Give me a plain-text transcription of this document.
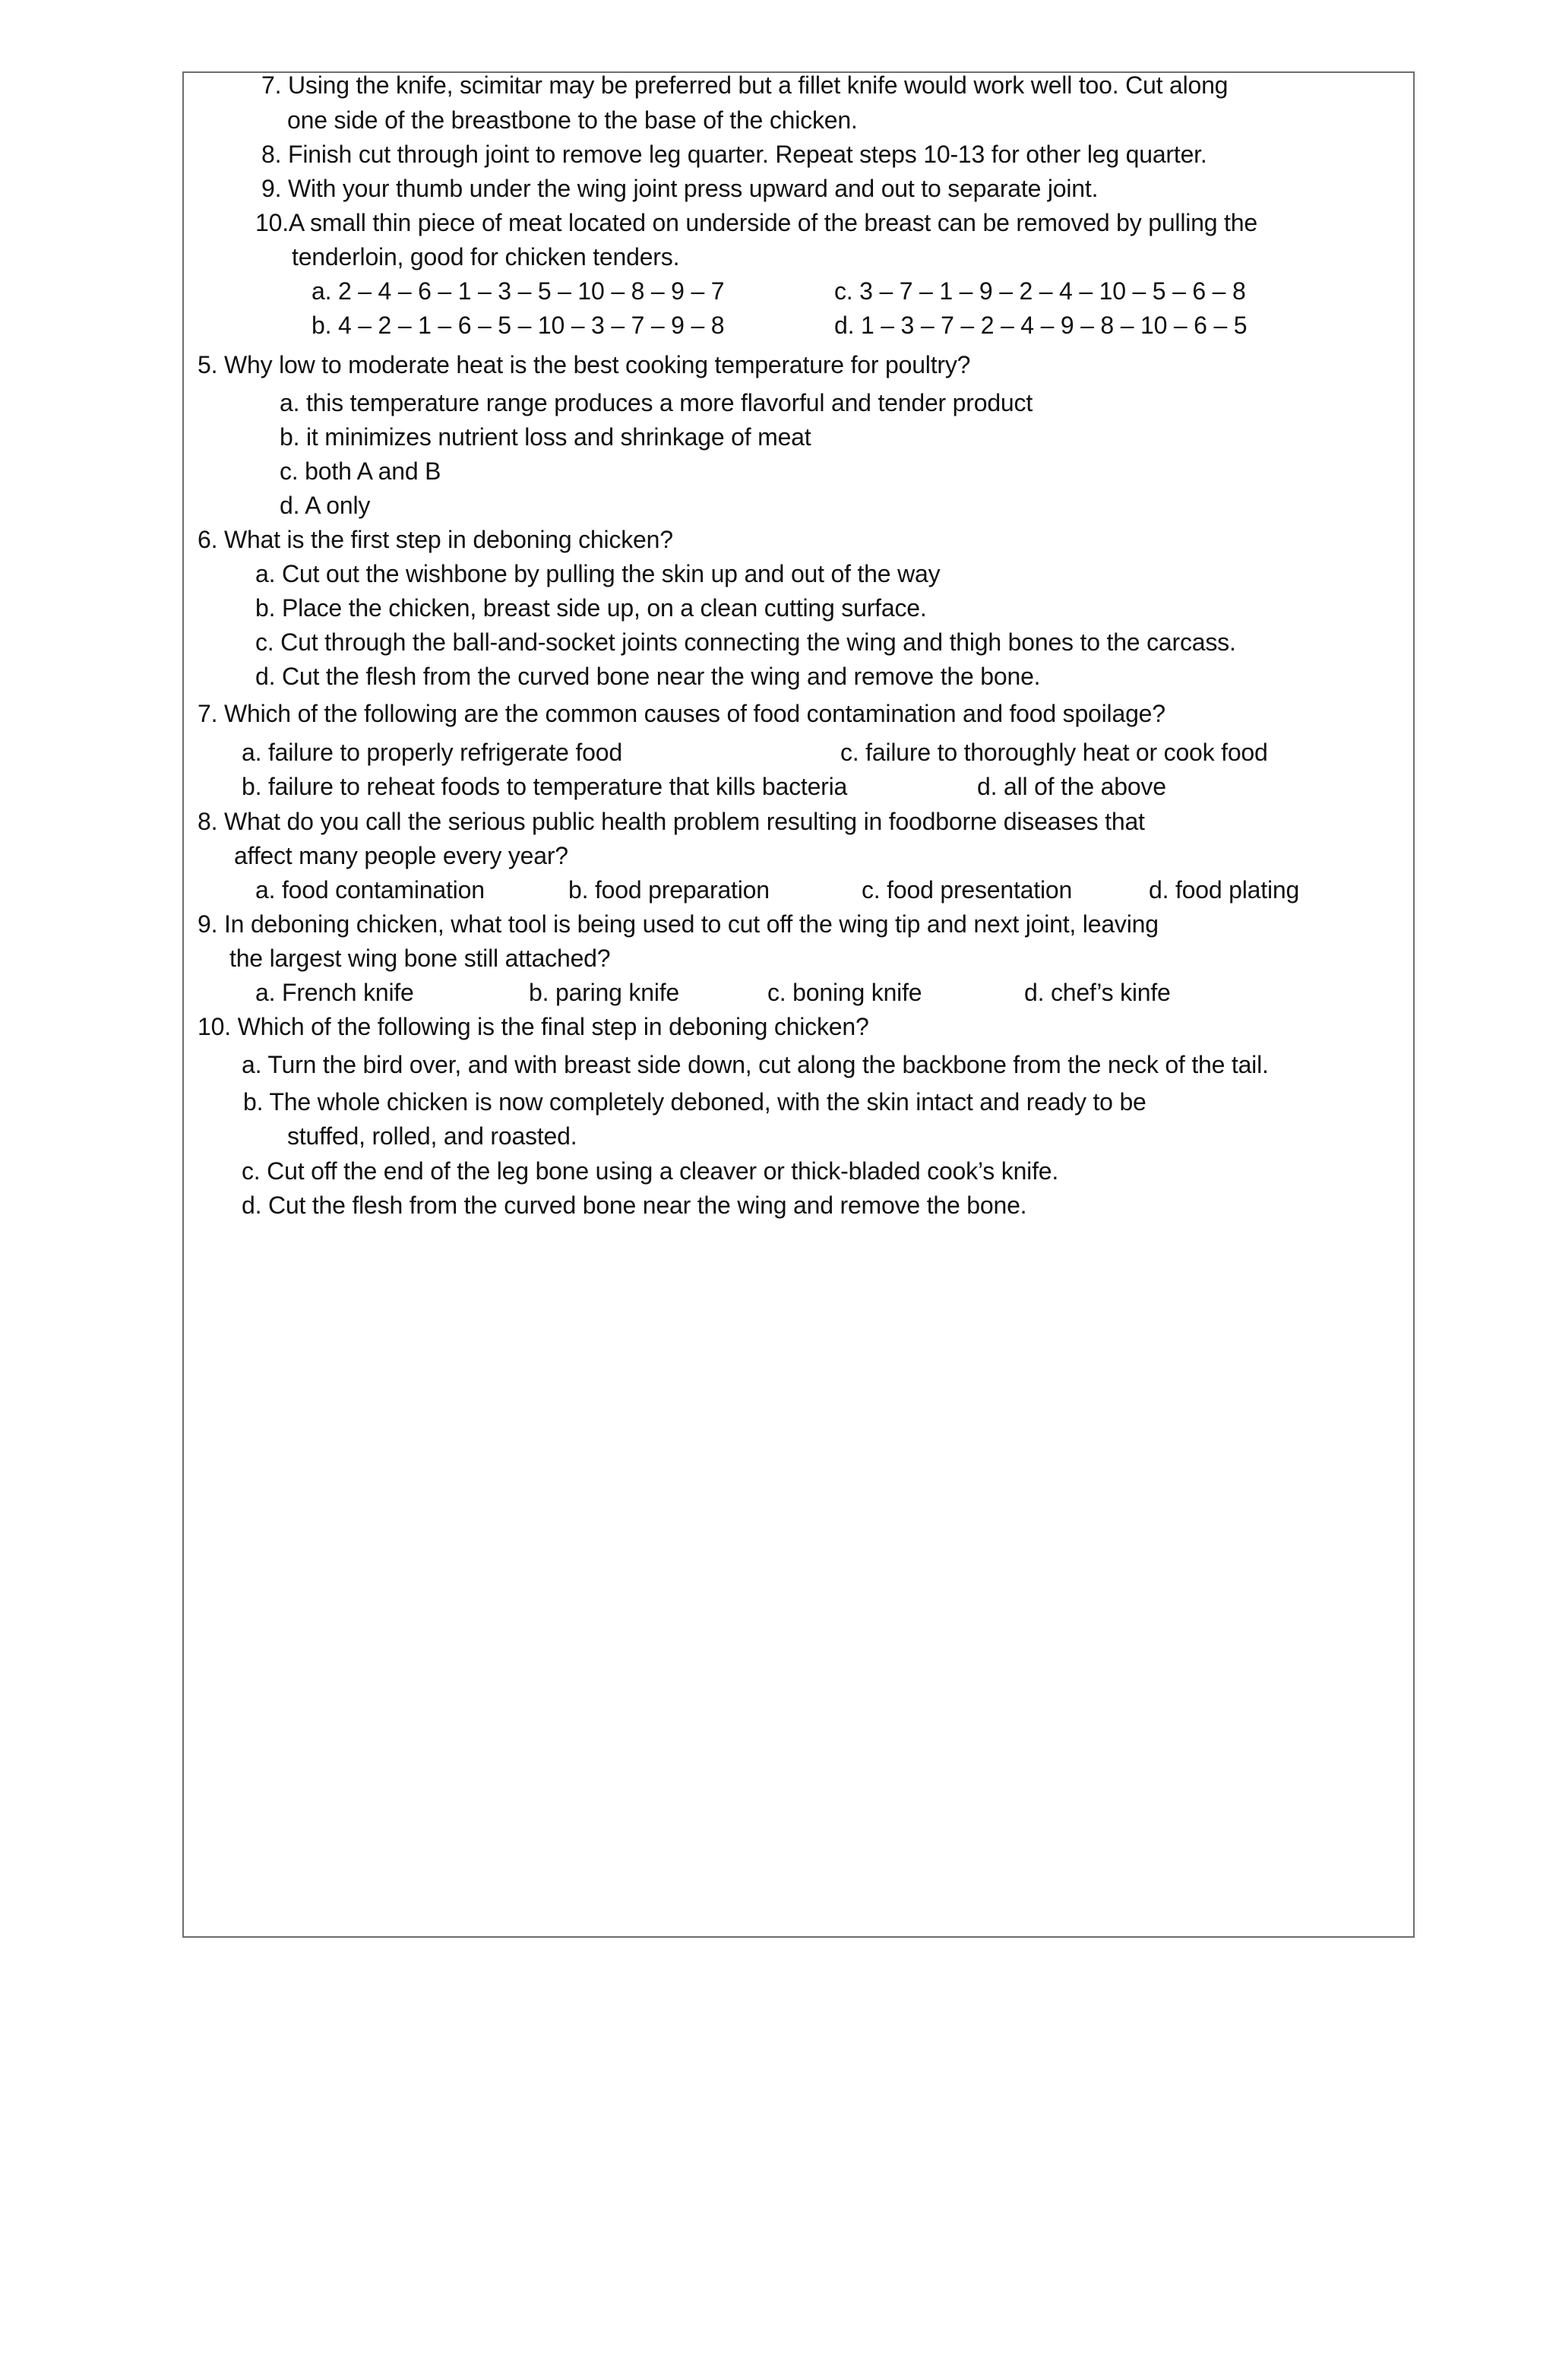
7. Using the knife, scimitar may be preferred but a fillet knife would work well too. Cut along
one side of the breastbone to the base of the chicken.
8. Finish cut through joint to remove leg quarter. Repeat steps 10-13 for other leg quarter.
9. With your thumb under the wing joint press upward and out to separate joint.
10.A small thin piece of meat located on underside of the breast can be removed by pulling the
tenderloin, good for chicken tenders.
a. 2 – 4 – 6 – 1 – 3 – 5 – 10 – 8 – 9 – 7	c. 3 – 7 – 1 – 9 – 2 – 4 – 10 – 5 – 6 – 8
b. 4 – 2 – 1 – 6 – 5 – 10 – 3 – 7 – 9 – 8	d. 1 – 3 – 7 – 2 – 4 – 9 – 8 – 10 – 6 – 5
5. Why low to moderate heat is the best cooking temperature for poultry?
a. this temperature range produces a more flavorful and tender product
b. it minimizes nutrient loss and shrinkage of meat
c. both A and B
d. A only
6. What is the first step in deboning chicken?
a. Cut out the wishbone by pulling the skin up and out of the way
b. Place the chicken, breast side up, on a clean cutting surface.
c. Cut through the ball-and-socket joints connecting the wing and thigh bones to the carcass.
d. Cut the flesh from the curved bone near the wing and remove the bone.
7. Which of the following are the common causes of food contamination and food spoilage?
a. failure to properly refrigerate food	c. failure to thoroughly heat or cook food
b. failure to reheat foods to temperature that kills bacteria	d. all of the above
8. What do you call the serious public health problem resulting in foodborne diseases that
affect many people every year?
a. food contamination	b. food preparation	c. food presentation	d. food plating
9. In deboning chicken, what tool is being used to cut off the wing tip and next joint, leaving
the largest wing bone still attached?
a. French knife	b. paring knife	c. boning knife	d. chef’s kinfe
10. Which of the following is the final step in deboning chicken?
a. Turn the bird over, and with breast side down, cut along the backbone from the neck of the tail.
b. The whole chicken is now completely deboned, with the skin intact and ready to be
stuffed, rolled, and roasted.
c. Cut off the end of the leg bone using a cleaver or thick-bladed cook’s knife.
d. Cut the flesh from the curved bone near the wing and remove the bone.
